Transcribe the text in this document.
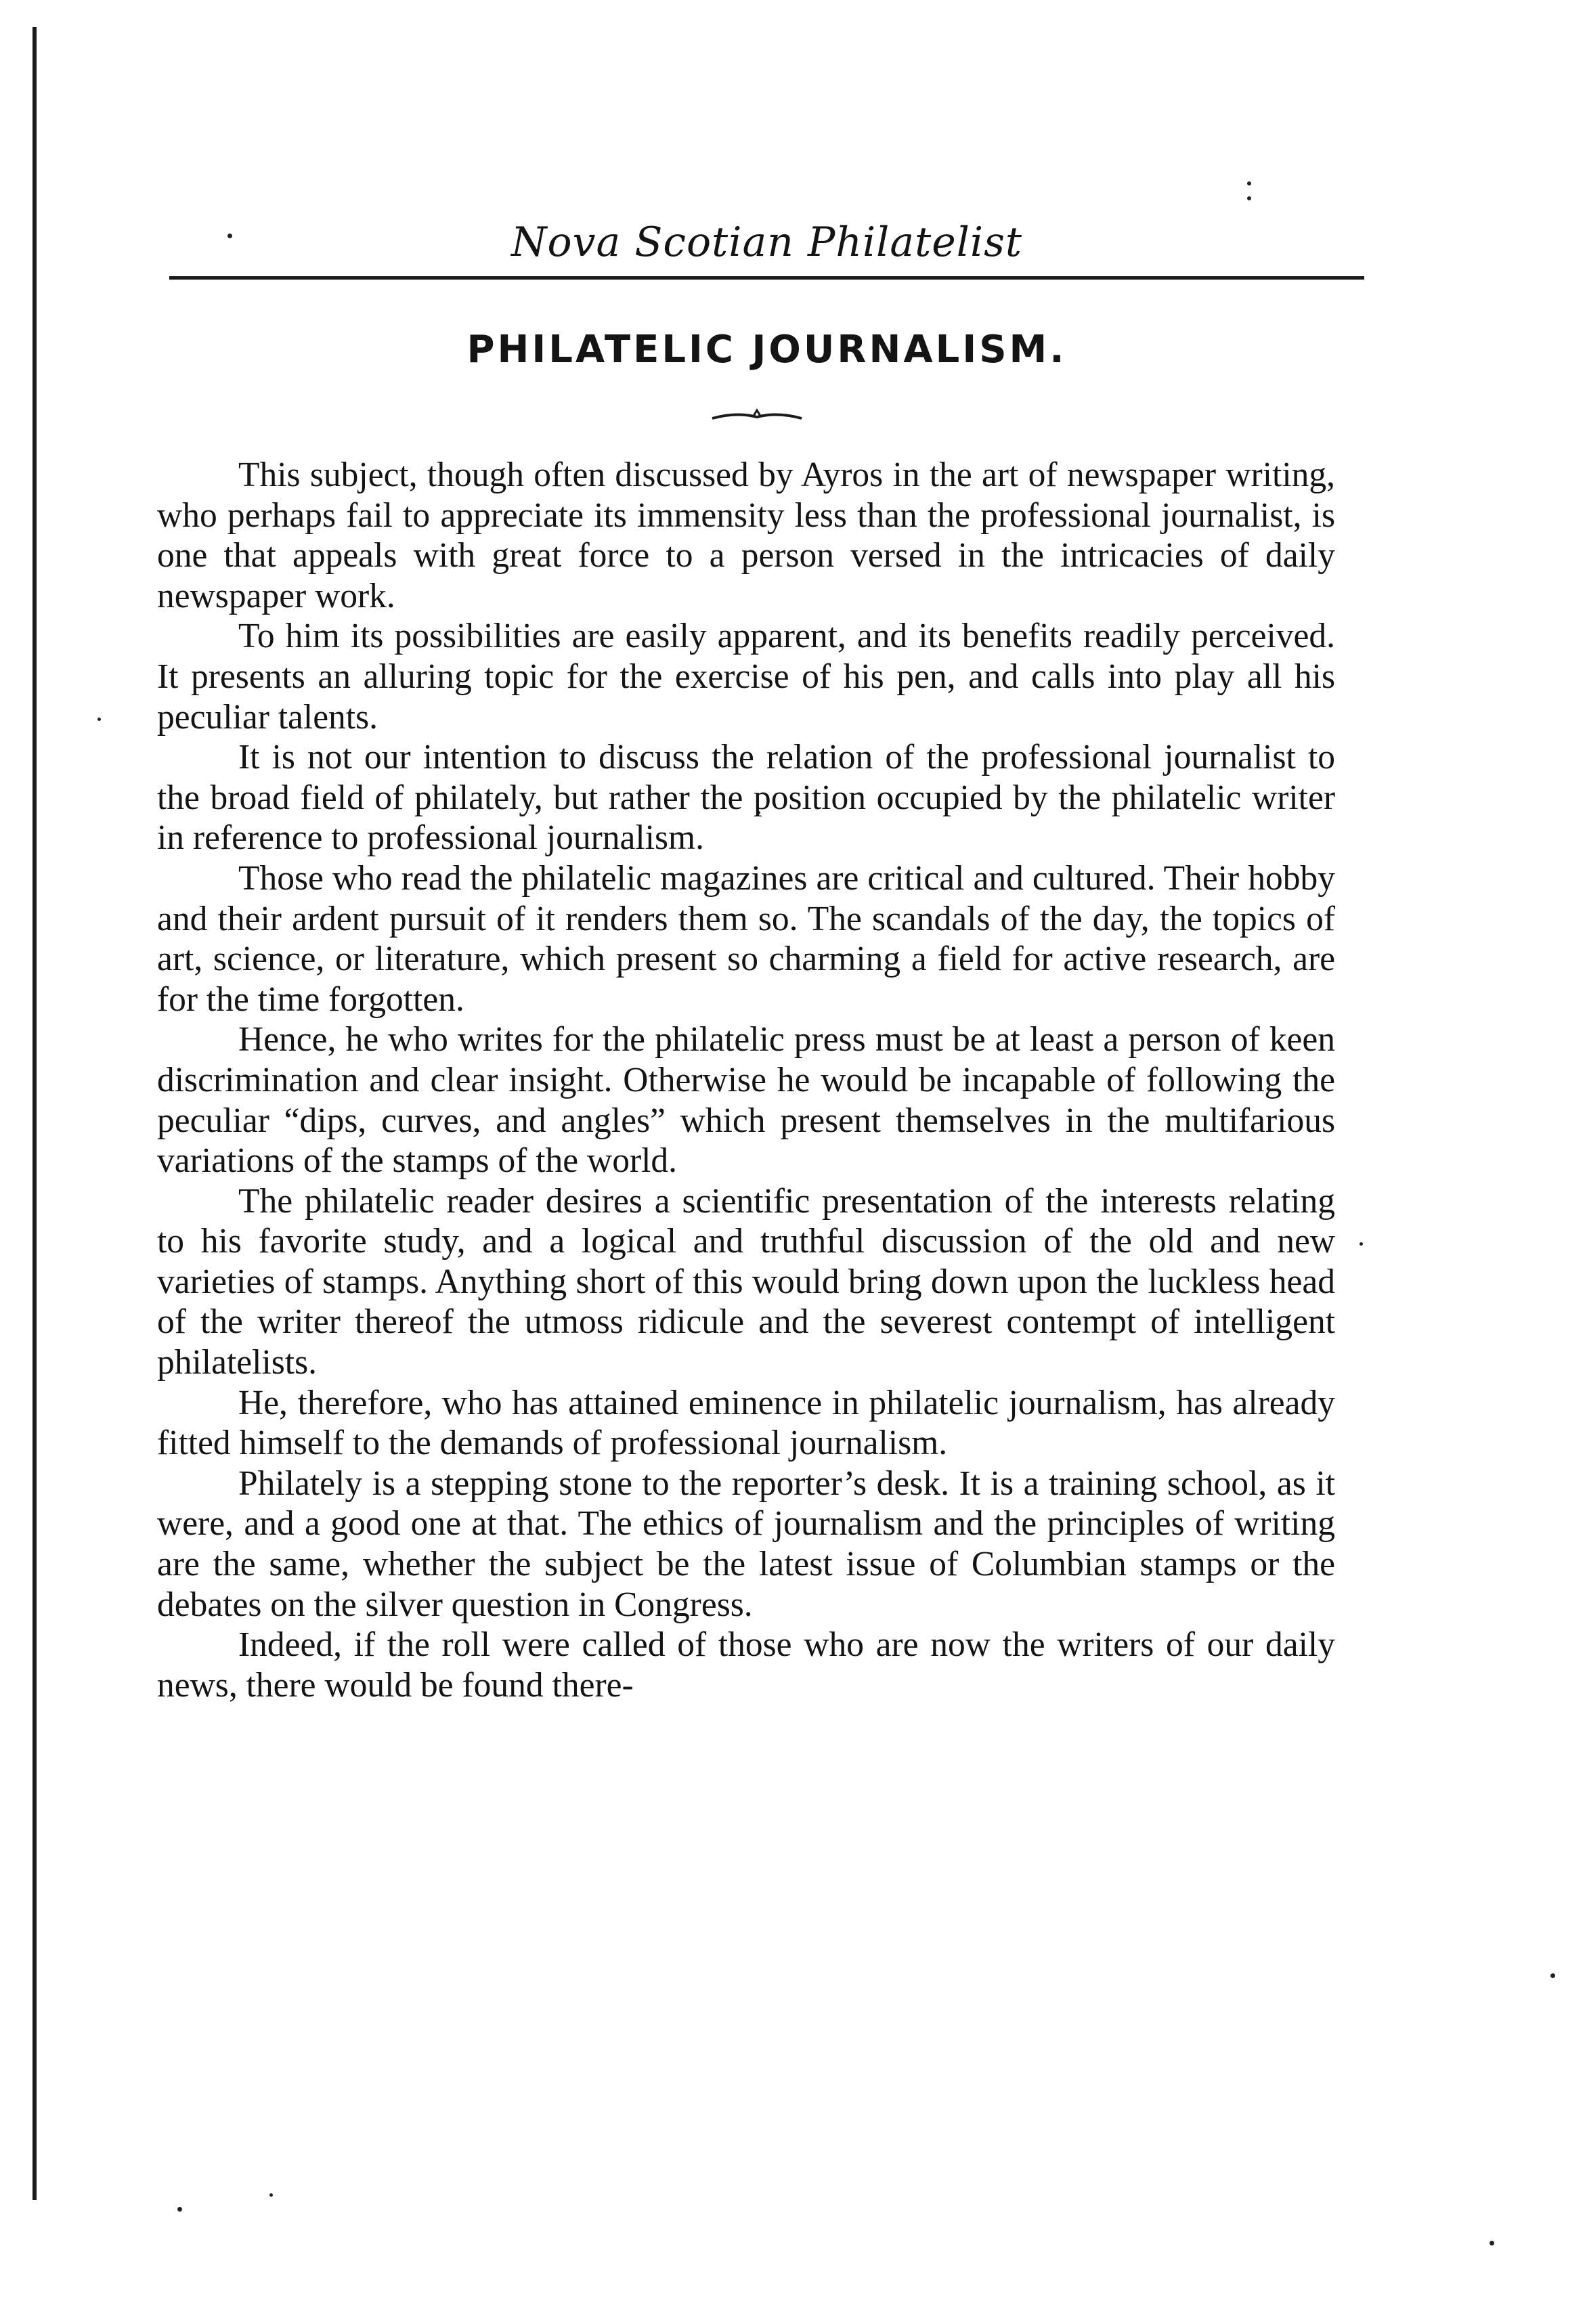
Nova Scotian Philatelist
PHILATELIC JOURNALISM.

This subject, though often discussed by Ayros in the art of newspaper writing, who perhaps fail to appreciate its immensity less than the professional journalist, is one that appeals with great force to a person versed in the intricacies of daily newspaper work.

To him its possibilities are easily apparent, and its benefits readily perceived. It presents an alluring topic for the exercise of his pen, and calls into play all his peculiar talents.

It is not our intention to discuss the relation of the professional journalist to the broad field of philately, but rather the position occupied by the philatelic writer in reference to professional journalism.

Those who read the philatelic magazines are critical and cultured. Their hobby and their ardent pursuit of it renders them so. The scandals of the day, the topics of art, science, or literature, which present so charming a field for active research, are for the time forgotten.

Hence, he who writes for the philatelic press must be at least a person of keen discrimination and clear insight. Otherwise he would be incapable of following the peculiar “dips, curves, and angles” which present themselves in the multifarious variations of the stamps of the world.

The philatelic reader desires a scientific presentation of the interests relating to his favorite study, and a logical and truthful discussion of the old and new varieties of stamps. Anything short of this would bring down upon the luckless head of the writer thereof the utmoss ridicule and the severest contempt of intelligent philatelists.

He, therefore, who has attained eminence in philatelic journalism, has already fitted himself to the demands of professional journalism.

Philately is a stepping stone to the reporter’s desk. It is a training school, as it were, and a good one at that. The ethics of journalism and the principles of writing are the same, whether the subject be the latest issue of Columbian stamps or the debates on the silver question in Congress.

Indeed, if the roll were called of those who are now the writers of our daily news, there would be found there-
